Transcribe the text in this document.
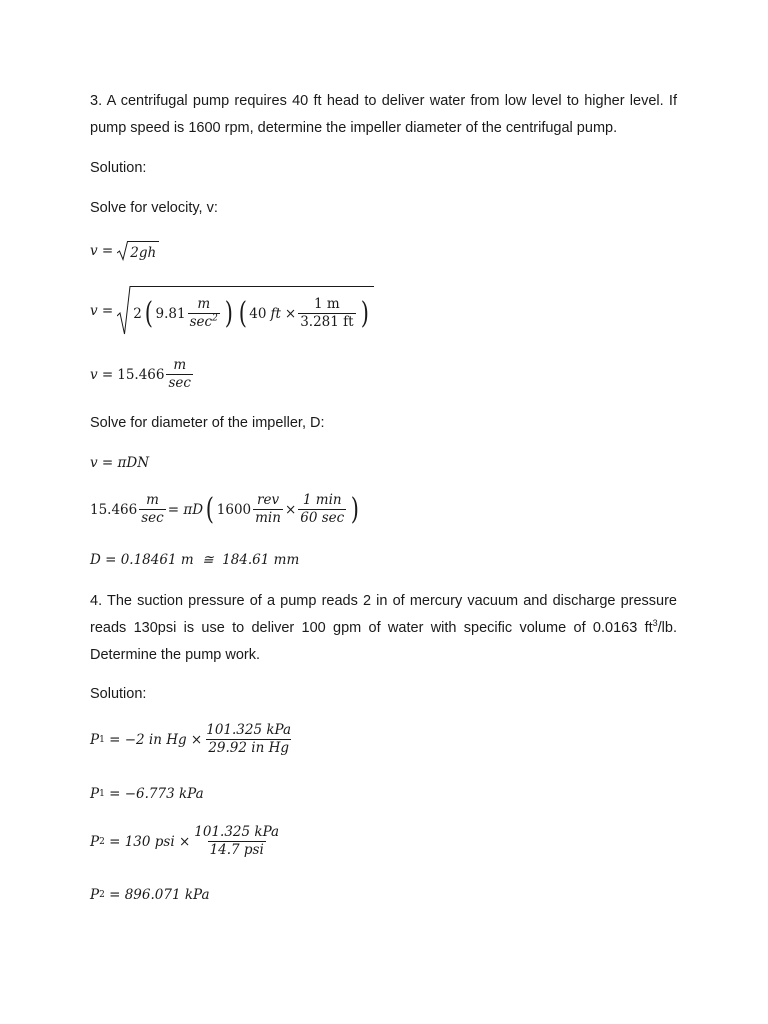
3. A centrifugal pump requires 40 ft head to deliver water from low level to higher level. If pump speed is 1600 rpm, determine the impeller diameter of the centrifugal pump.
Solution:
Solve for velocity, v:
v = 2gh
v = 2 ( $9.81 \frac{m}{\sec^2}$ ) ( 40 ft × $\frac{1 m}{3.281 ft}$ )
$v = 15.466 \frac{m}{\sec}$
Solve for diameter of the impeller, D:
v = πDN
$15.466 \frac{m}{\sec} = \pi D$ ( $1600 \frac{\text{rev}}{\min} \times \frac{1 \min}{60 \sec}$ )
D = 0.18461 m  ≅  184.61 mm
4. The suction pressure of a pump reads 2 in of mercury vacuum and discharge pressure reads 130psi is use to deliver 100 gpm of water with specific volume of 0.0163 $ft^3/lb$. Determine the pump work.
Solution:
P 1 = −2 in $Hg \times \frac{\text{101.325 kPa}}{\text{29.92 in Hg}}$
P 1 = −6.773 kPa
P 2 = 130 psi × $\frac{\text{101.325 kPa}}{\text{14.7 psi}}$
P 2 = 896.071 kPa
